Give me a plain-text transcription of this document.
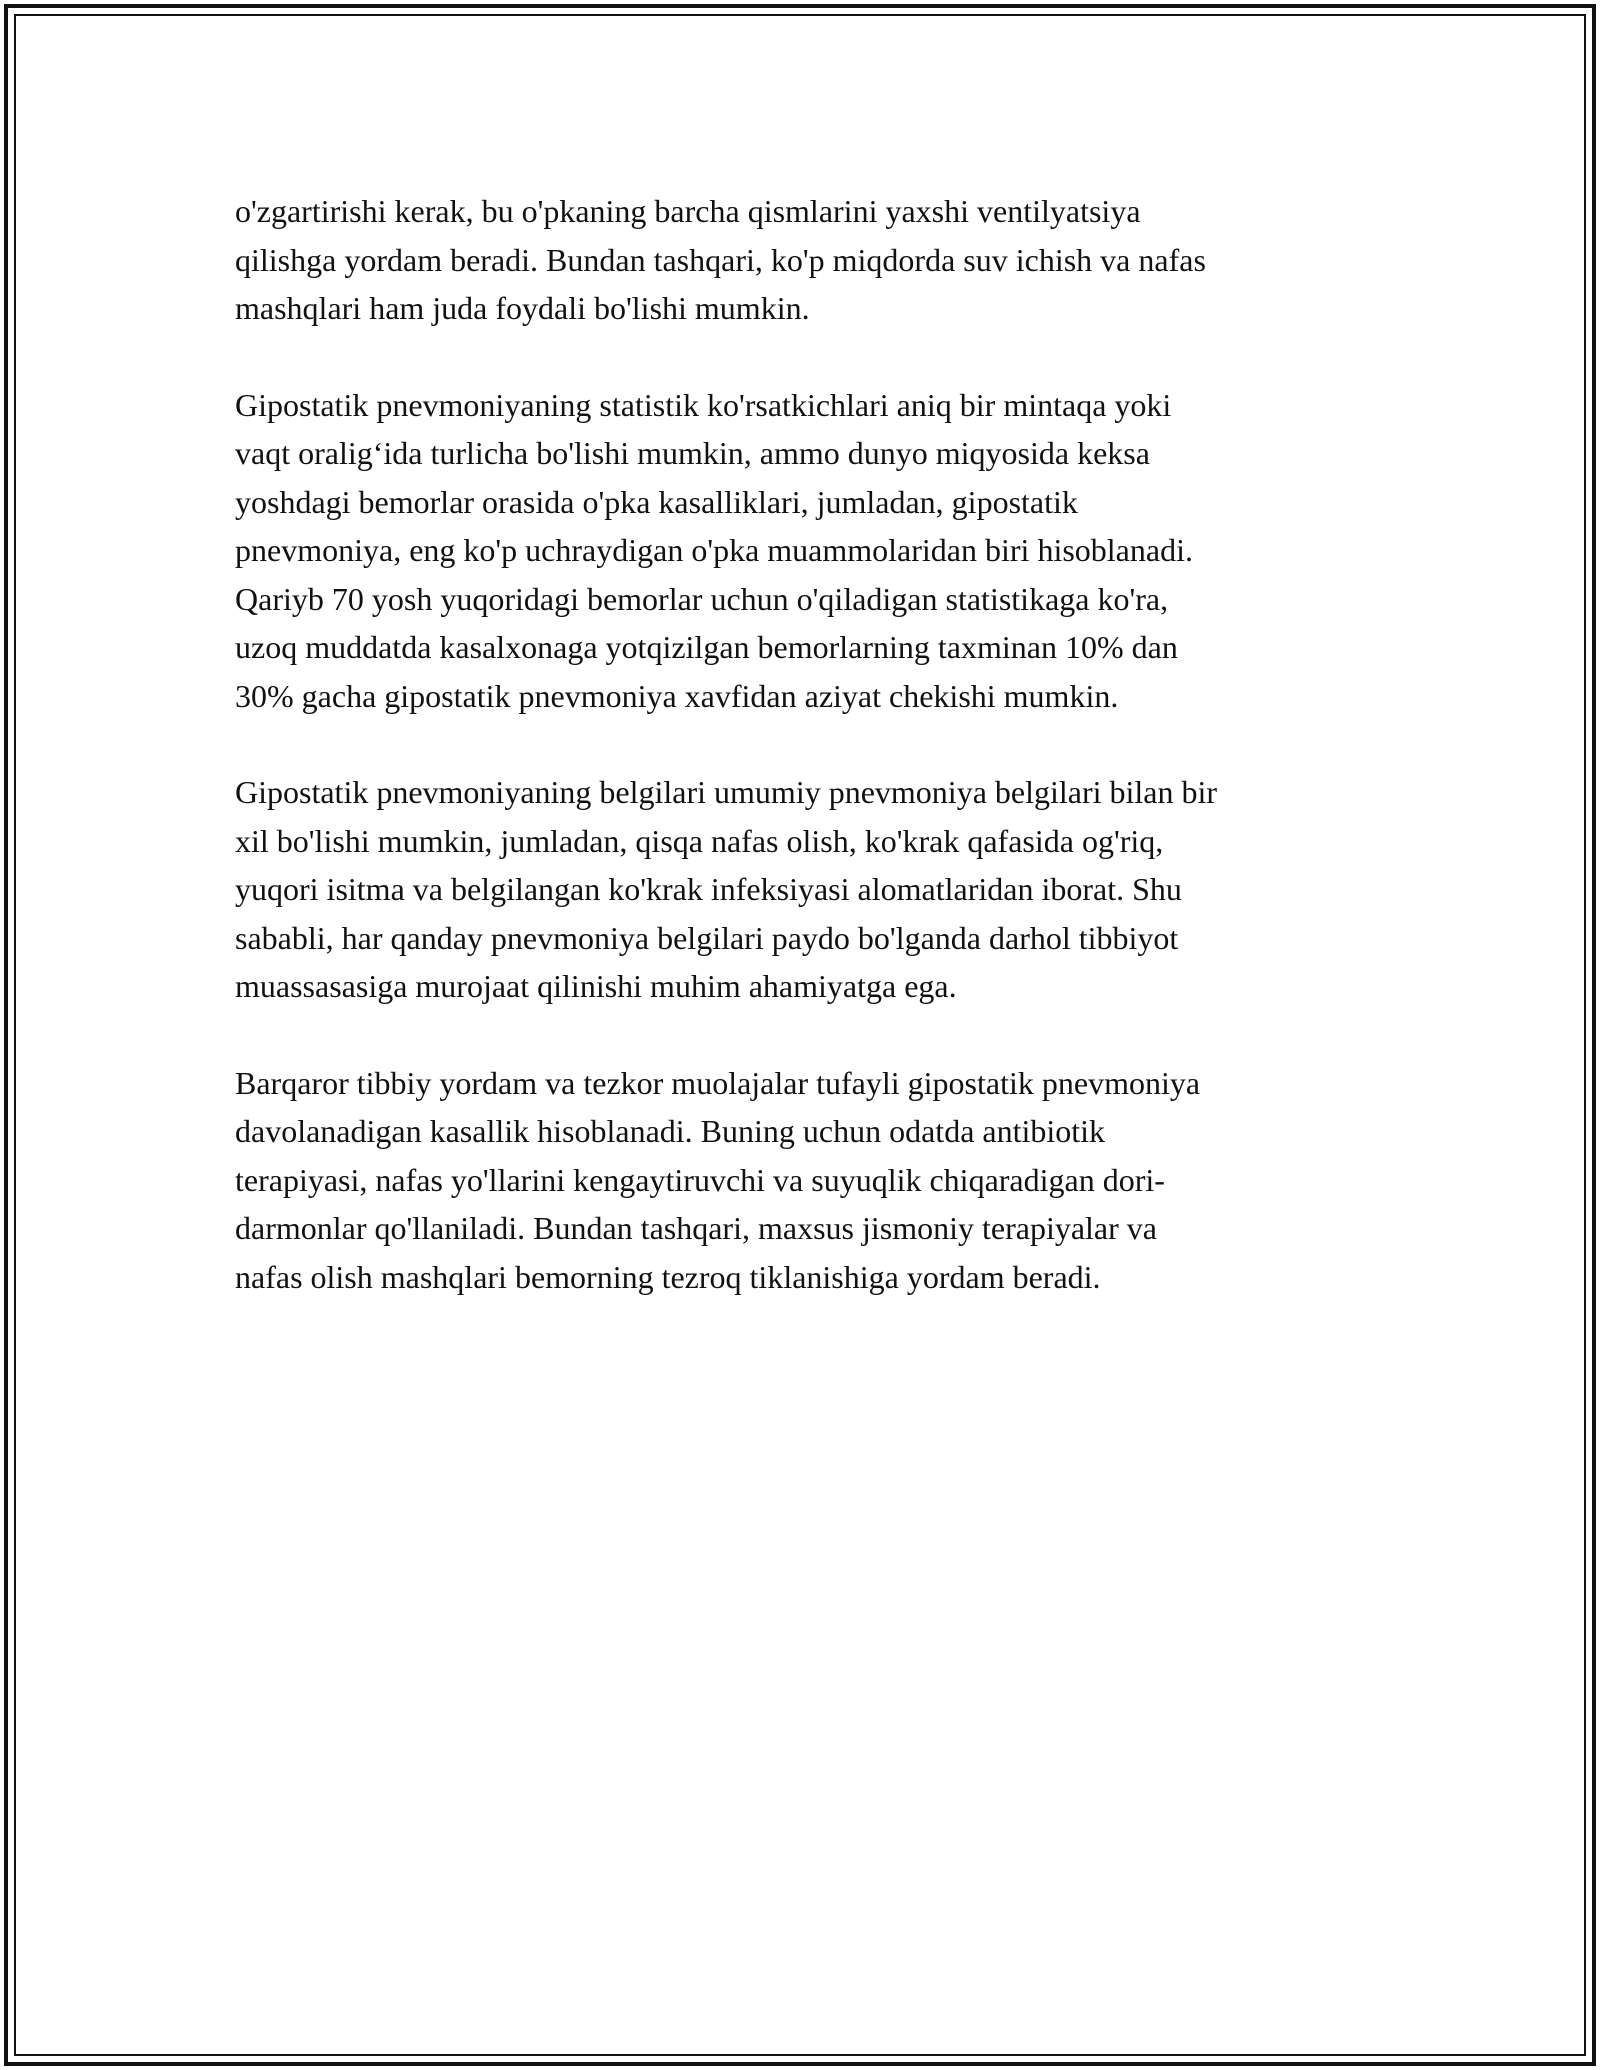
o'zgartirishi kerak, bu o'pkaning barcha qismlarini yaxshi ventilyatsiya
qilishga yordam beradi. Bundan tashqari, ko'p miqdorda suv ichish va nafas
mashqlari ham juda foydali bo'lishi mumkin.

Gipostatik pnevmoniyaning statistik ko'rsatkichlari aniq bir mintaqa yoki
vaqt oralig‘ida turlicha bo'lishi mumkin, ammo dunyo miqyosida keksa
yoshdagi bemorlar orasida o'pka kasalliklari, jumladan, gipostatik
pnevmoniya, eng ko'p uchraydigan o'pka muammolaridan biri hisoblanadi.
Qariyb 70 yosh yuqoridagi bemorlar uchun o'qiladigan statistikaga ko'ra,
uzoq muddatda kasalxonaga yotqizilgan bemorlarning taxminan 10% dan
30% gacha gipostatik pnevmoniya xavfidan aziyat chekishi mumkin.

Gipostatik pnevmoniyaning belgilari umumiy pnevmoniya belgilari bilan bir
xil bo'lishi mumkin, jumladan, qisqa nafas olish, ko'krak qafasida og'riq,
yuqori isitma va belgilangan ko'krak infeksiyasi alomatlaridan iborat. Shu
sababli, har qanday pnevmoniya belgilari paydo bo'lganda darhol tibbiyot
muassasasiga murojaat qilinishi muhim ahamiyatga ega.

Barqaror tibbiy yordam va tezkor muolajalar tufayli gipostatik pnevmoniya
davolanadigan kasallik hisoblanadi. Buning uchun odatda antibiotik
terapiyasi, nafas yo'llarini kengaytiruvchi va suyuqlik chiqaradigan dori-
darmonlar qo'llaniladi. Bundan tashqari, maxsus jismoniy terapiyalar va
nafas olish mashqlari bemorning tezroq tiklanishiga yordam beradi.
